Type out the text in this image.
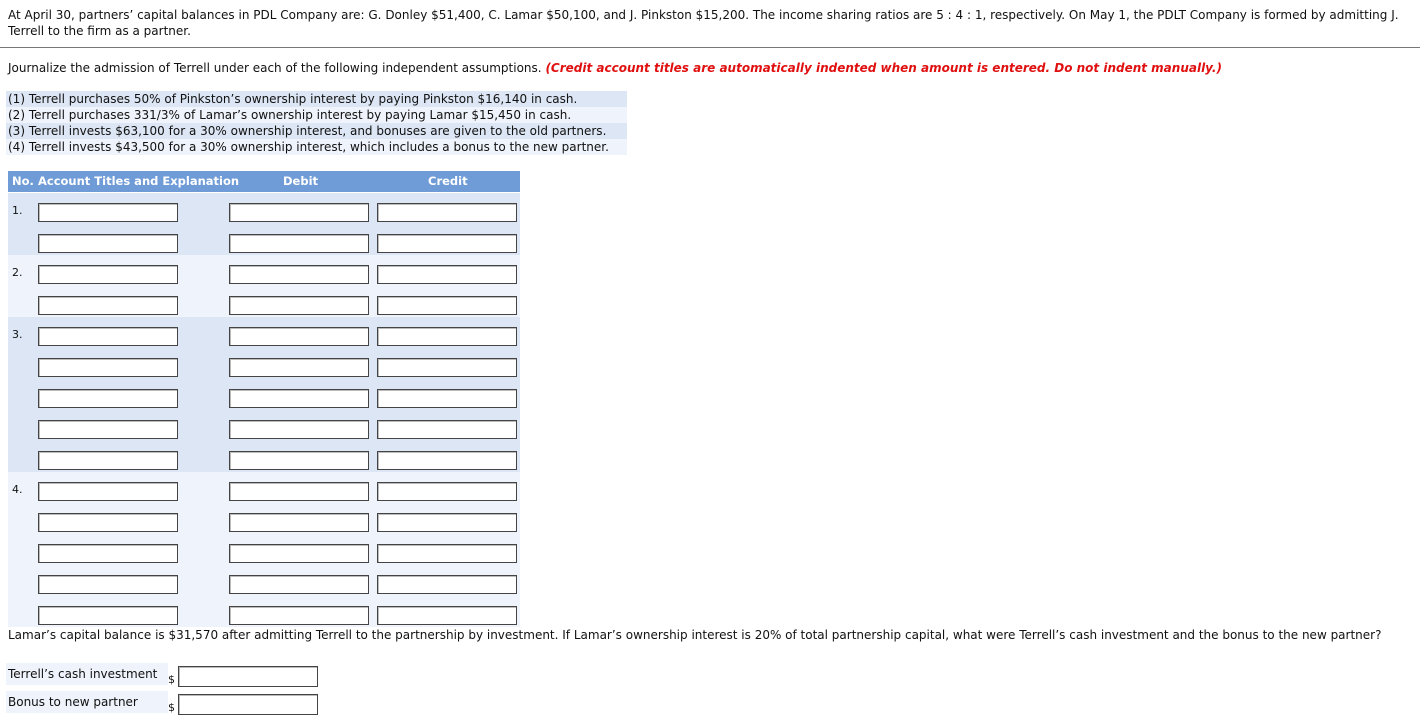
At April 30, partners’ capital balances in PDL Company are: G. Donley $51,400, C. Lamar $50,100, and J. Pinkston $15,200. The income sharing ratios are 5 : 4 : 1, respectively. On May 1, the PDLT Company is formed by admitting J. Terrell to the firm as a partner.
Journalize the admission of Terrell under each of the following independent assumptions. (Credit account titles are automatically indented when amount is entered. Do not indent manually.)
(1) Terrell purchases 50% of Pinkston’s ownership interest by paying Pinkston $16,140 in cash.
(2) Terrell purchases 331/3% of Lamar’s ownership interest by paying Lamar $15,450 in cash.
(3) Terrell invests $63,100 for a 30% ownership interest, and bonuses are given to the old partners.
(4) Terrell invests $43,500 for a 30% ownership interest, which includes a bonus to the new partner.
No. Account Titles and Explanation	Debit	Credit
1.
2.
3.
4.
Lamar’s capital balance is $31,570 after admitting Terrell to the partnership by investment. If Lamar’s ownership interest is 20% of total partnership capital, what were Terrell’s cash investment and the bonus to the new partner?
Terrell’s cash investment $
Bonus to new partner	$
